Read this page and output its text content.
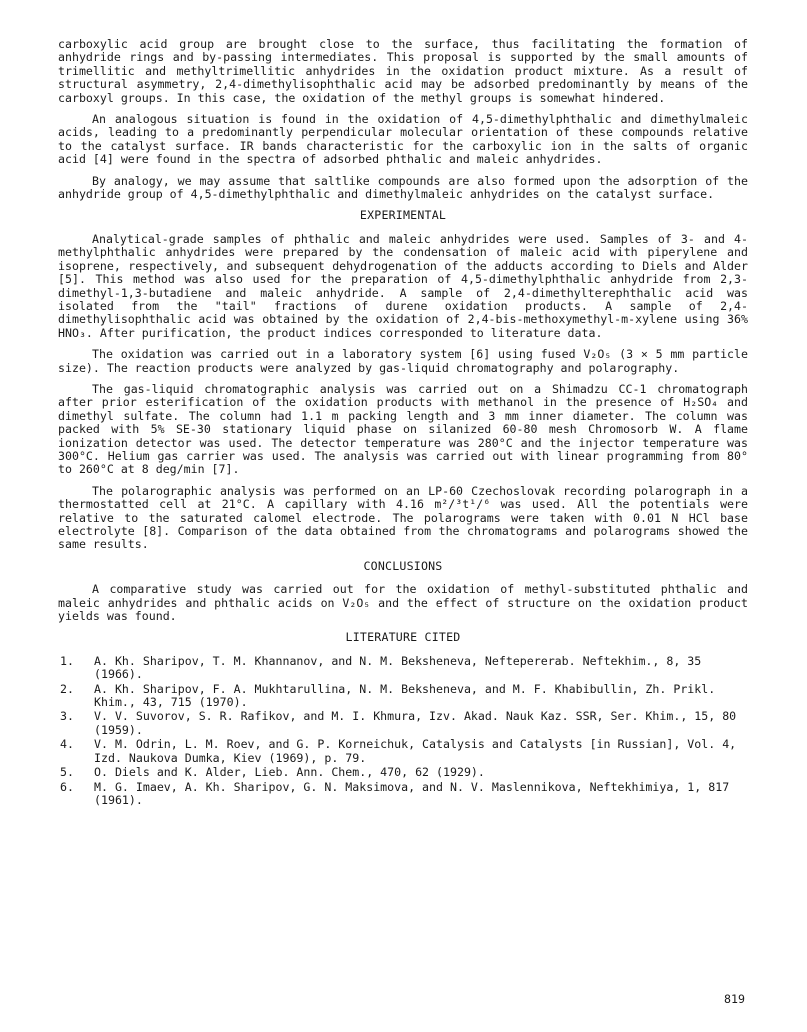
carboxylic acid group are brought close to the surface, thus facilitating the formation of anhydride rings and by-passing intermediates. This proposal is supported by the small amounts of trimellitic and methyltrimellitic anhydrides in the oxidation product mixture. As a result of structural asymmetry, 2,4-dimethylisophthalic acid may be adsorbed predominantly by means of the carboxyl groups. In this case, the oxidation of the methyl groups is somewhat hindered.

An analogous situation is found in the oxidation of 4,5-dimethylphthalic and dimethylmaleic acids, leading to a predominantly perpendicular molecular orientation of these compounds relative to the catalyst surface. IR bands characteristic for the carboxylic ion in the salts of organic acid [4] were found in the spectra of adsorbed phthalic and maleic anhydrides.

By analogy, we may assume that saltlike compounds are also formed upon the adsorption of the anhydride group of 4,5-dimethylphthalic and dimethylmaleic anhydrides on the catalyst surface.

EXPERIMENTAL

Analytical-grade samples of phthalic and maleic anhydrides were used. Samples of 3- and 4-methylphthalic anhydrides were prepared by the condensation of maleic acid with piperylene and isoprene, respectively, and subsequent dehydrogenation of the adducts according to Diels and Alder [5]. This method was also used for the preparation of 4,5-dimethylphthalic anhydride from 2,3-dimethyl-1,3-butadiene and maleic anhydride. A sample of 2,4-dimethylterephthalic acid was isolated from the "tail" fractions of durene oxidation products. A sample of 2,4-dimethylisophthalic acid was obtained by the oxidation of 2,4-bis-methoxymethyl-m-xylene using 36% HNO₃. After purification, the product indices corresponded to literature data.

The oxidation was carried out in a laboratory system [6] using fused V₂O₅ (3 × 5 mm particle size). The reaction products were analyzed by gas-liquid chromatography and polarography.

The gas-liquid chromatographic analysis was carried out on a Shimadzu CC-1 chromatograph after prior esterification of the oxidation products with methanol in the presence of H₂SO₄ and dimethyl sulfate. The column had 1.1 m packing length and 3 mm inner diameter. The column was packed with 5% SE-30 stationary liquid phase on silanized 60-80 mesh Chromosorb W. A flame ionization detector was used. The detector temperature was 280°C and the injector temperature was 300°C. Helium gas carrier was used. The analysis was carried out with linear programming from 80° to 260°C at 8 deg/min [7].

The polarographic analysis was performed on an LP-60 Czechoslovak recording polarograph in a thermostatted cell at 21°C. A capillary with 4.16 m²/³t¹/⁶ was used. All the potentials were relative to the saturated calomel electrode. The polarograms were taken with 0.01 N HCl base electrolyte [8]. Comparison of the data obtained from the chromatograms and polarograms showed the same results.

CONCLUSIONS

A comparative study was carried out for the oxidation of methyl-substituted phthalic and maleic anhydrides and phthalic acids on V₂O₅ and the effect of structure on the oxidation product yields was found.

LITERATURE CITED
1.	A. Kh. Sharipov, T. M. Khannanov, and N. M. Beksheneva, Neftepererab. Neftekhim., 8, 35 (1966).
2.	A. Kh. Sharipov, F. A. Mukhtarullina, N. M. Beksheneva, and M. F. Khabibullin, Zh. Prikl. Khim., 43, 715 (1970).
3.	V. V. Suvorov, S. R. Rafikov, and M. I. Khmura, Izv. Akad. Nauk Kaz. SSR, Ser. Khim., 15, 80 (1959).
4.	V. M. Odrin, L. M. Roev, and G. P. Korneichuk, Catalysis and Catalysts [in Russian], Vol. 4, Izd. Naukova Dumka, Kiev (1969), p. 79.
5.	O. Diels and K. Alder, Lieb. Ann. Chem., 470, 62 (1929).
6.	M. G. Imaev, A. Kh. Sharipov, G. N. Maksimova, and N. V. Maslennikova, Neftekhimiya, 1, 817 (1961).
819
